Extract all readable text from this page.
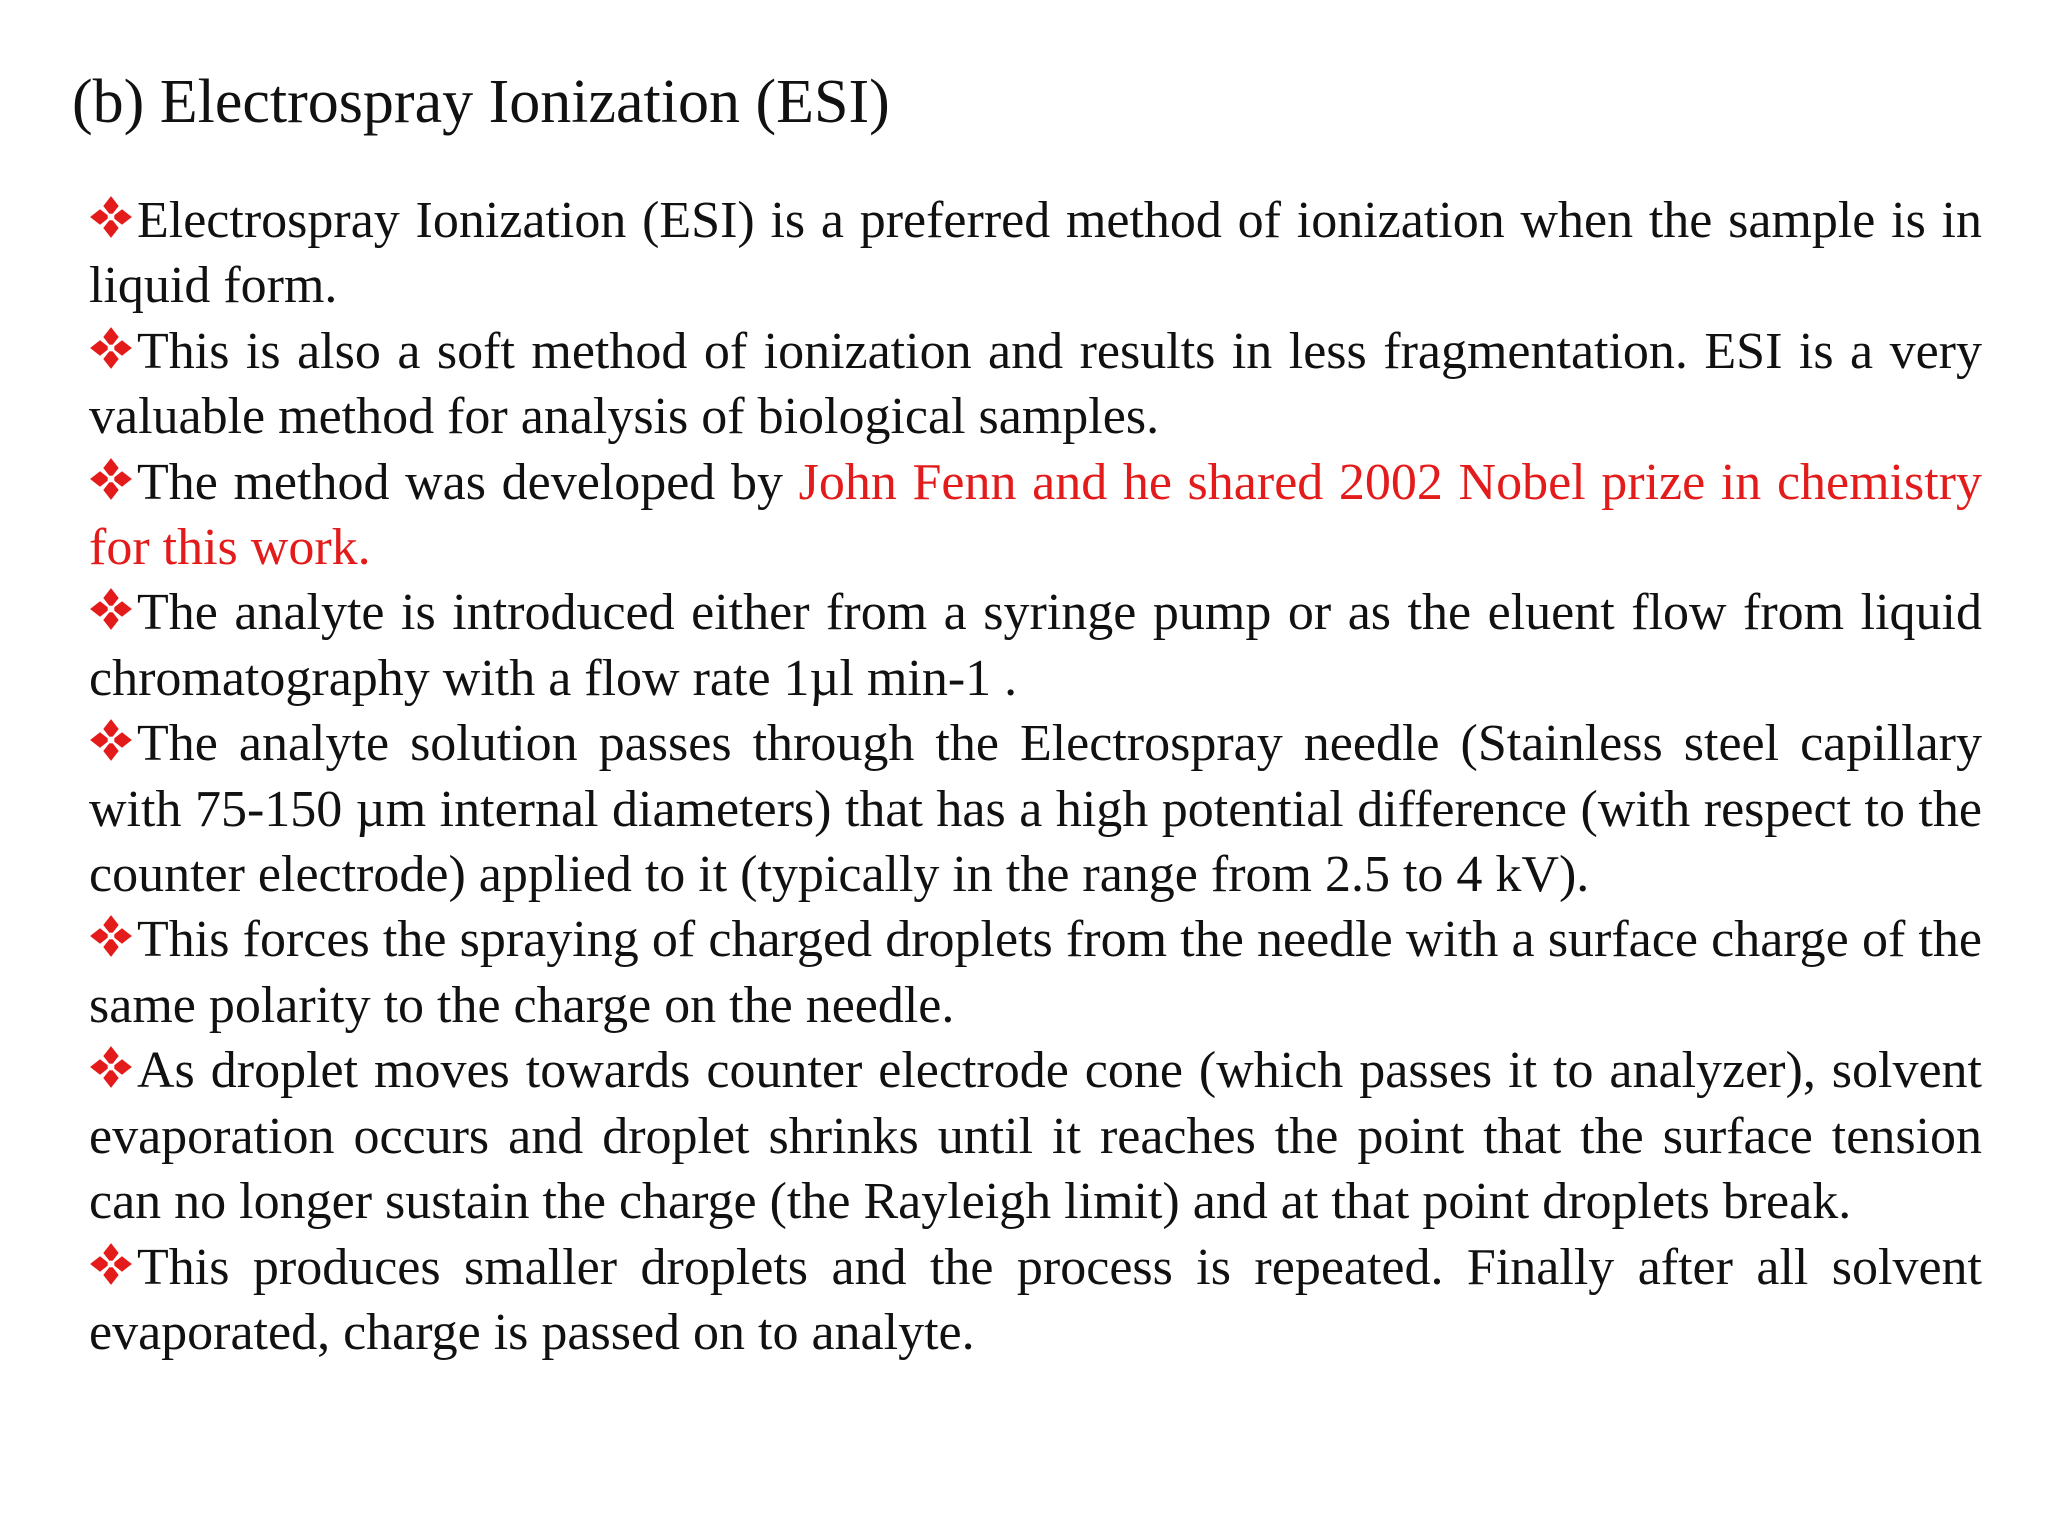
(b) Electrospray Ionization (ESI)

Electrospray Ionization (ESI) is a preferred method of ionization when the sample is in liquid form.

This is also a soft method of ionization and results in less fragmentation. ESI is a very valuable method for analysis of biological samples.

The method was developed by John Fenn and he shared 2002 Nobel prize in chemistry for this work.

The analyte is introduced either from a syringe pump or as the eluent flow from liquid chromatography with a flow rate 1µl min-1 .

The analyte solution passes through the Electrospray needle (Stainless steel capillary with 75-150 µm internal diameters) that has a high potential difference (with respect to the counter electrode) applied to it (typically in the range from 2.5 to 4 kV).

This forces the spraying of charged droplets from the needle with a surface charge of the same polarity to the charge on the needle.

As droplet moves towards counter electrode cone (which passes it to analyzer), solvent evaporation occurs and droplet shrinks until it reaches the point that the surface tension can no longer sustain the charge (the Rayleigh limit) and at that point droplets break.

This produces smaller droplets and the process is repeated. Finally after all solvent evaporated, charge is passed on to analyte.
